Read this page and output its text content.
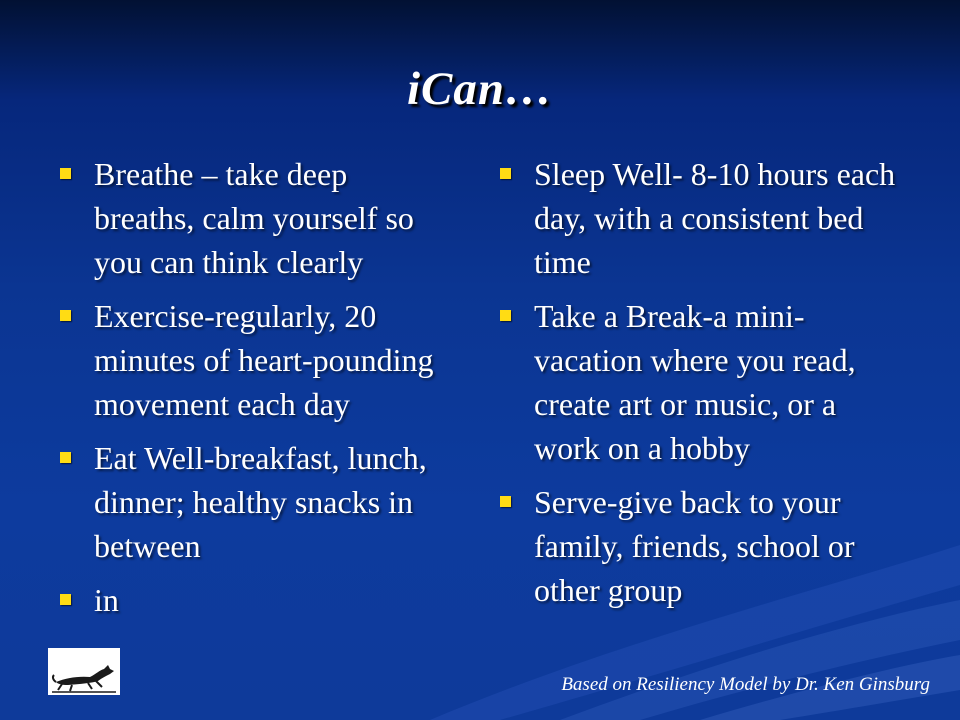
iCan…
Breathe – take deep breaths, calm yourself so you can think clearly
Exercise-regularly, 20 minutes of heart-pounding movement each day
Eat Well-breakfast, lunch, dinner; healthy snacks in between
in
Sleep Well- 8-10 hours each day, with a consistent bed time
Take a Break-a mini-vacation where you read, create art or music, or a work on a hobby
Serve-give back to your family, friends, school or other group
Based on Resiliency Model by Dr. Ken Ginsburg
